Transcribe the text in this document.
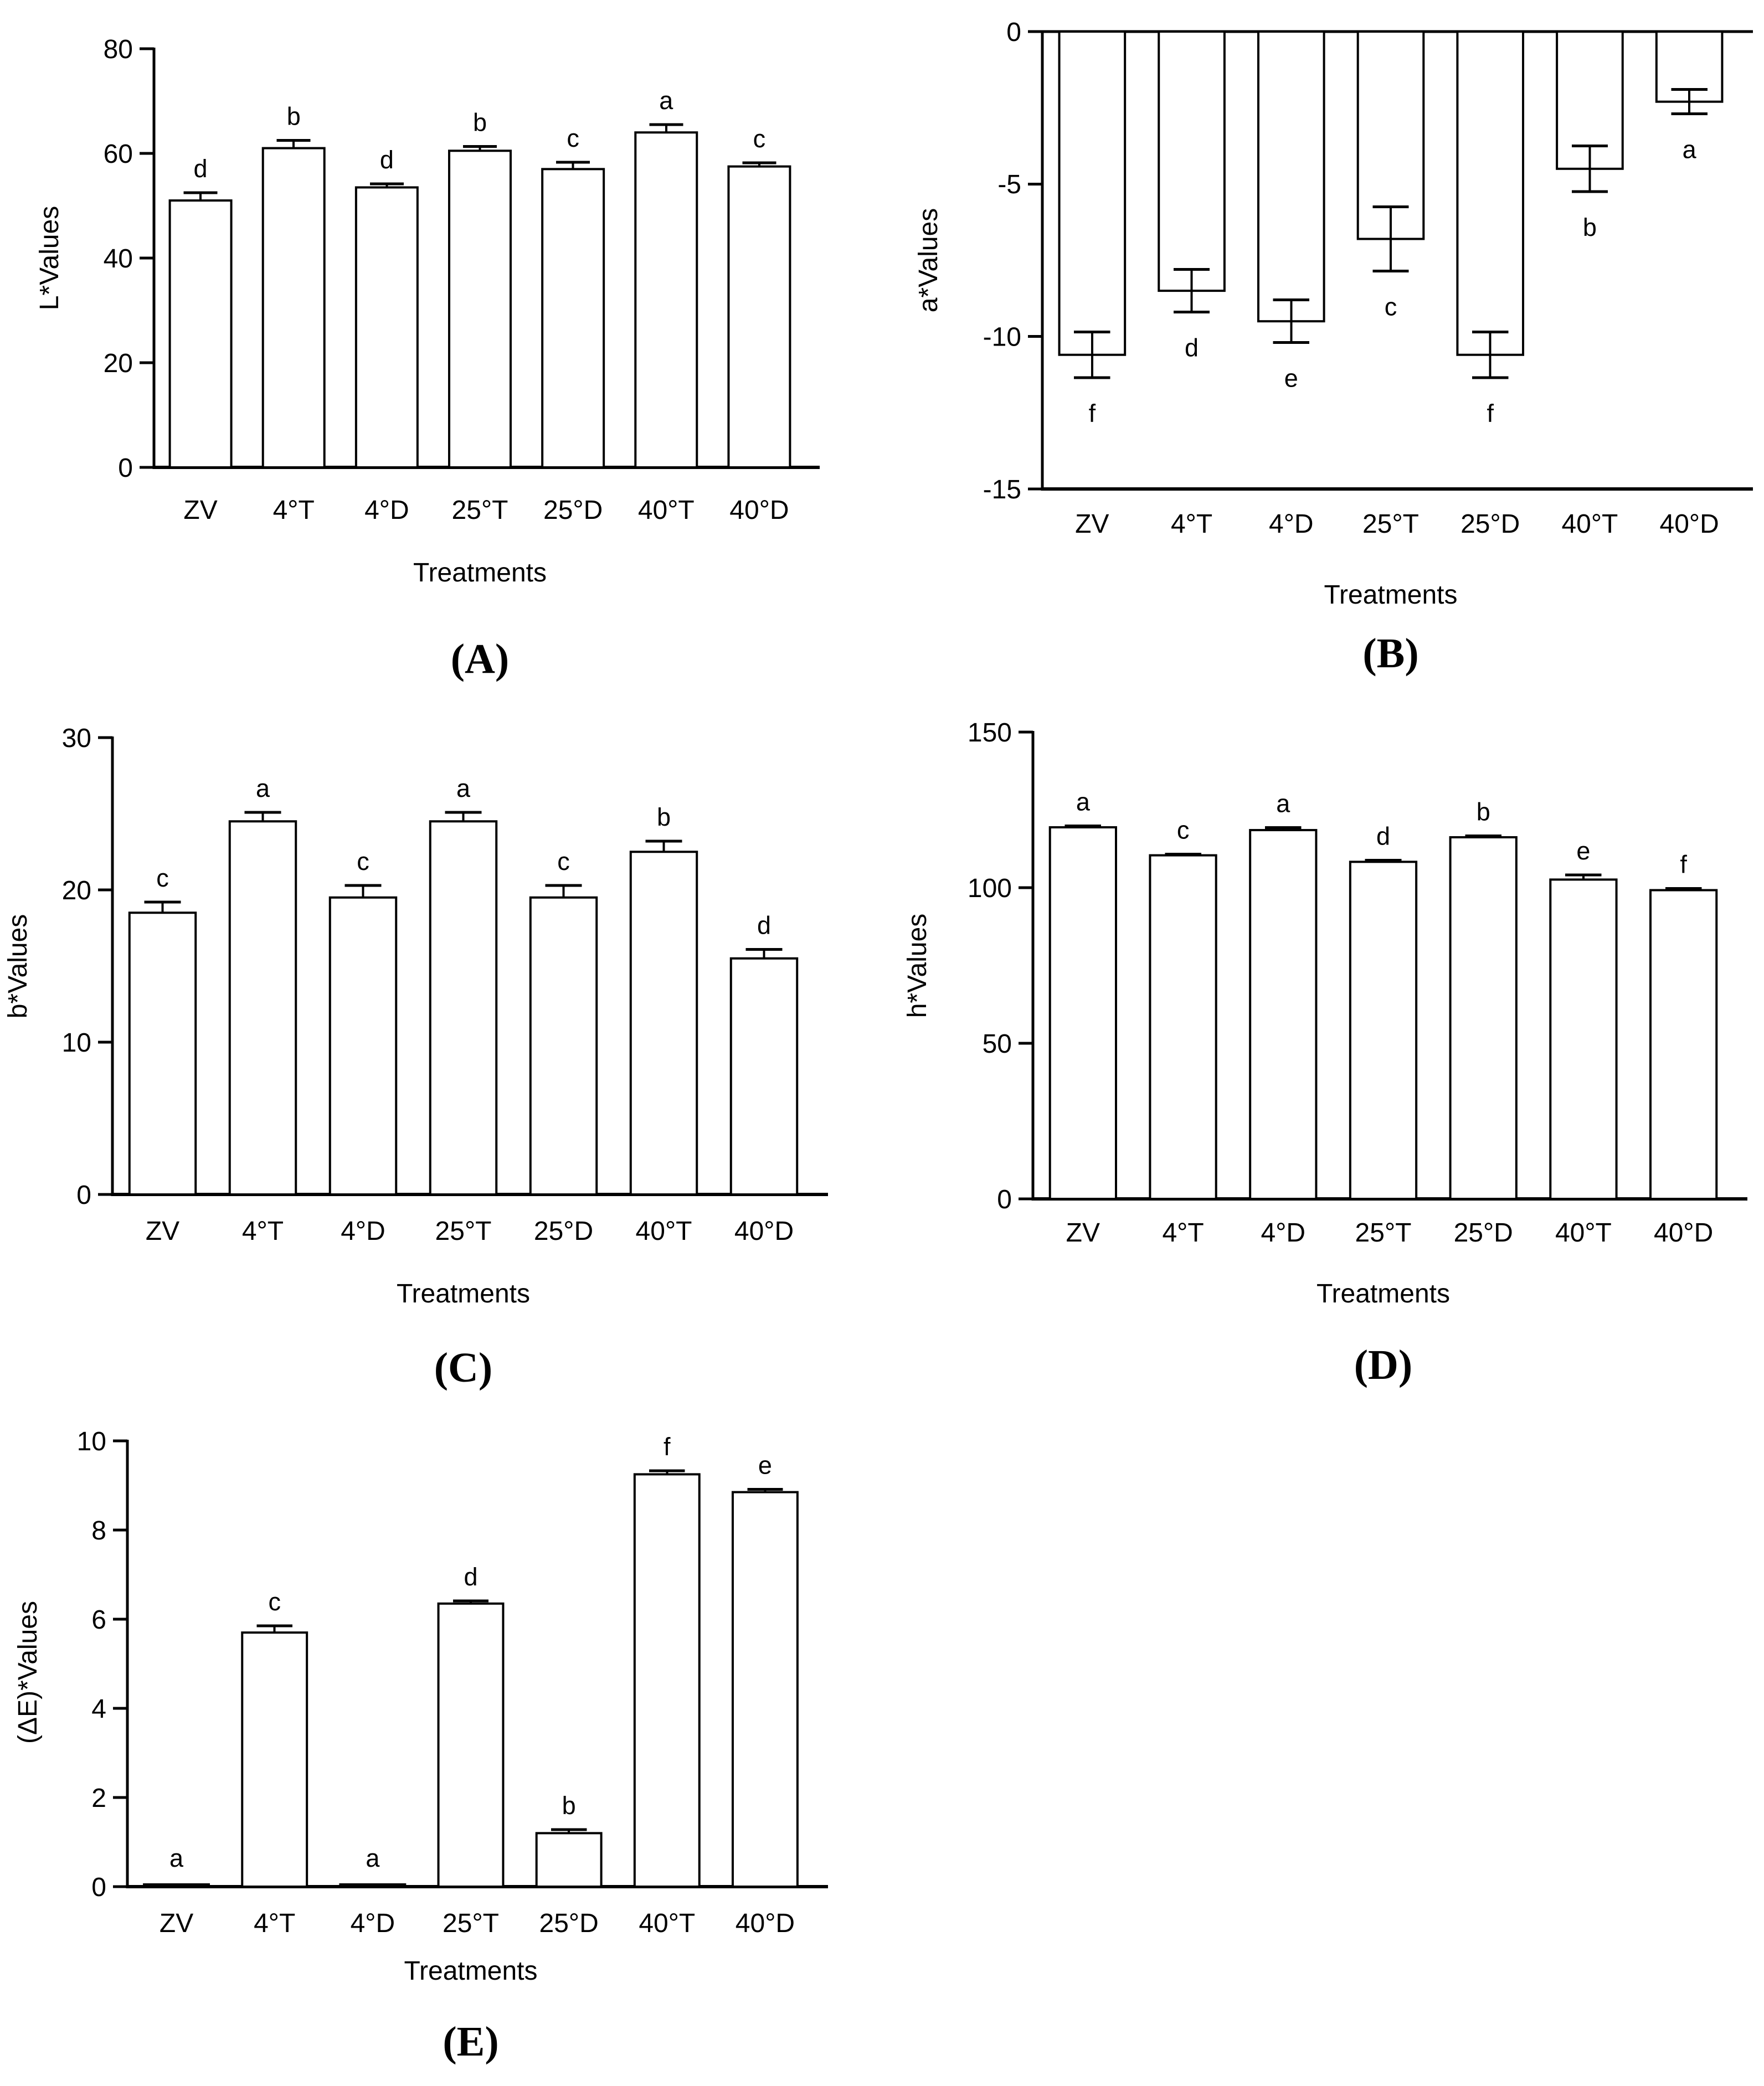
0
20
40
60
80
d
ZV
b
4°T
d
4°D
b
25°T
c
25°D
a
40°T
c
40°D
L*Values
Treatments
(A)
0
-5
-10
-15
f
ZV
d
4°T
e
4°D
c
25°T
f
25°D
b
40°T
a
40°D
a*Values
Treatments
(B)
0
10
20
30
c
ZV
a
4°T
c
4°D
a
25°T
c
25°D
b
40°T
d
40°D
b*Values
Treatments
(C)
0
50
100
150
a
ZV
c
4°T
a
4°D
d
25°T
b
25°D
e
40°T
f
40°D
h*Values
Treatments
(D)
0
2
4
6
8
10
a
ZV
c
4°T
a
4°D
d
25°T
b
25°D
f
40°T
e
40°D
(ΔE)*Values
Treatments
(E)
